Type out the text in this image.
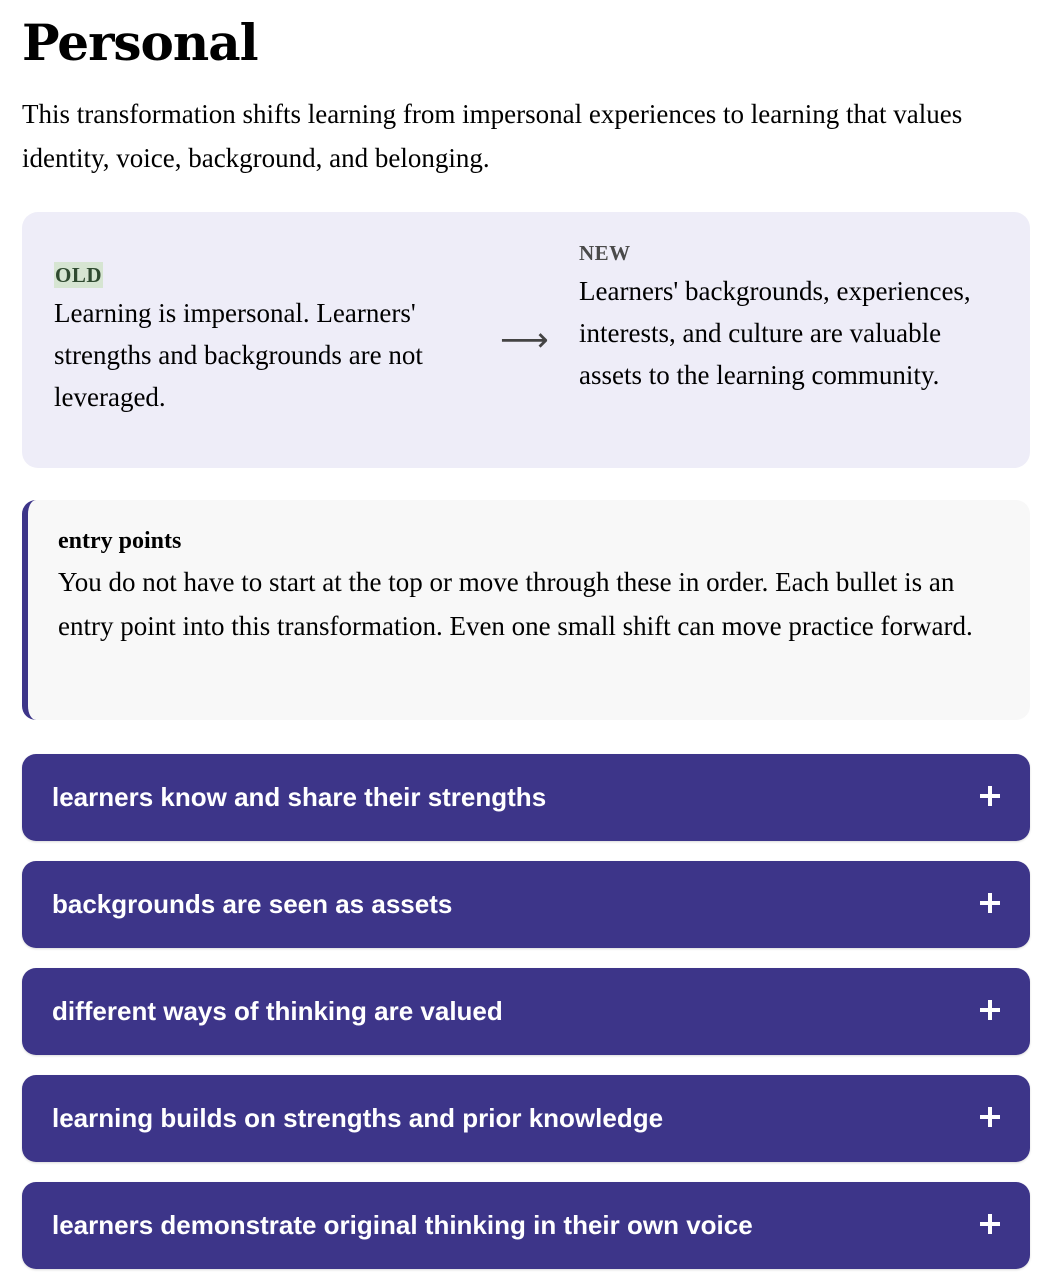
Personal

This transformation shifts learning from impersonal experiences to learning that values identity, voice, background, and belonging.

OLD
Learning is impersonal. Learners' strengths and backgrounds are not leveraged.
⟶
NEW
Learners' backgrounds, experiences, interests, and culture are valuable assets to the learning community.
entry points
You do not have to start at the top or move through these in order. Each bullet is an entry point into this transformation. Even one small shift can move practice forward.
learners know and share their strengths
backgrounds are seen as assets
different ways of thinking are valued
learning builds on strengths and prior knowledge
learners demonstrate original thinking in their own voice
